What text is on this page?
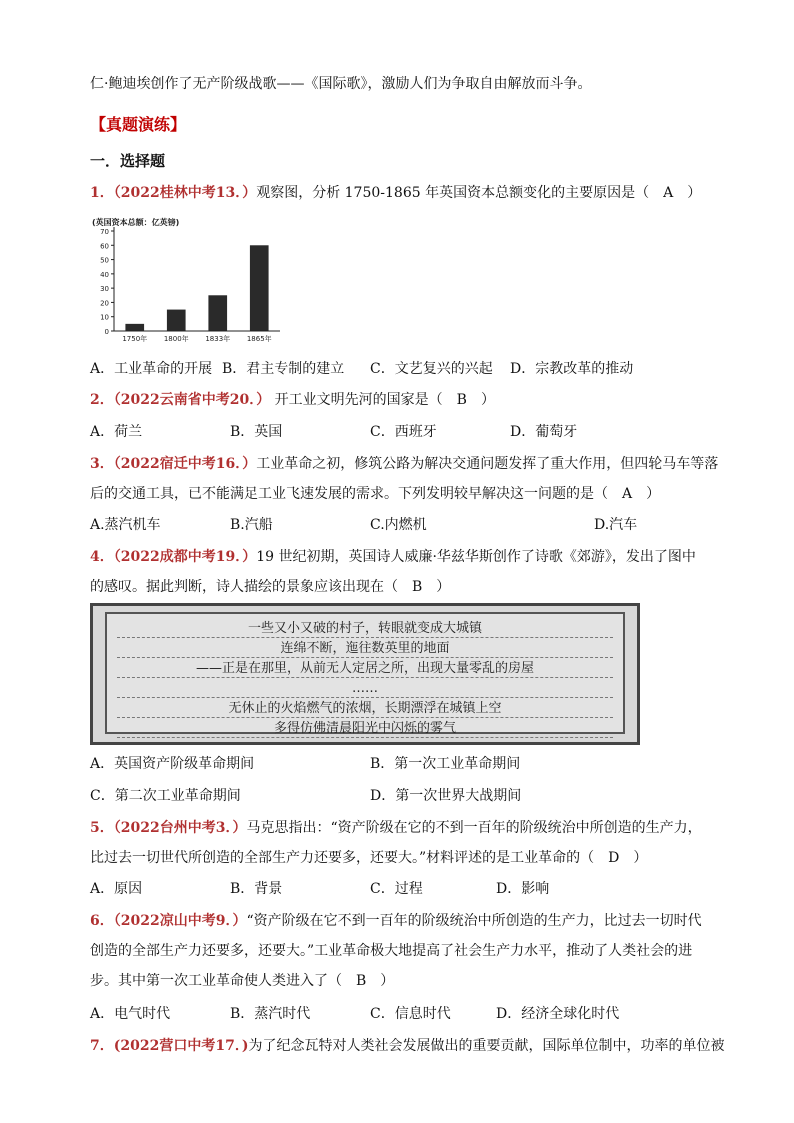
仁·鲍迪埃创作了无产阶级战歌——《国际歌》，激励人们为争取自由解放而斗争。
【真题演练】
一．选择题
1．（2022桂林中考13．）观察图，分析 1750-1865 年英国资本总额变化的主要原因是（　A　）
(英国资本总额：亿英镑)
0
10
20
30
40
50
60
70
1750年 1800年 1833年 1865年
A．工业革命的开展 B．君主专制的建立 C．文艺复兴的兴起 D．宗教改革的推动
2．（2022云南省中考20．） 开工业文明先河的国家是（　B　）
A．荷兰	B．英国	C．西班牙	D．葡萄牙
3．（2022宿迁中考16．）工业革命之初，修筑公路为解决交通问题发挥了重大作用，但四轮马车等落
后的交通工具，已不能满足工业飞速发展的需求。下列发明较早解决这一问题的是（　A　）
A.蒸汽机车	B.汽船	C.内燃机	D.汽车
4．（2022成都中考19．）19 世纪初期，英国诗人威廉·华兹华斯创作了诗歌《郊游》，发出了图中
的感叹。据此判断，诗人描绘的景象应该出现在（　B　）
一些又小又破的村子，转眼就变成大城镇
连绵不断，迤往数英里的地面
——正是在那里，从前无人定居之所，出现大量零乱的房屋
……
无休止的火焰燃气的浓烟，长期漂浮在城镇上空
多得仿佛清晨阳光中闪烁的雾气
A．英国资产阶级革命期间	B．第一次工业革命期间
C．第二次工业革命期间	D．第一次世界大战期间
5．（2022台州中考3．）马克思指出：“资产阶级在它的不到一百年的阶级统治中所创造的生产力，
比过去一切世代所创造的全部生产力还要多，还要大。”材料评述的是工业革命的（　D　）
A．原因	B．背景	C．过程	D．影响
6．（2022凉山中考9．）“资产阶级在它不到一百年的阶级统治中所创造的生产力，比过去一切时代
创造的全部生产力还要多，还要大。”工业革命极大地提高了社会生产力水平，推动了人类社会的进
步。其中第一次工业革命使人类进入了（　B　）
A．电气时代	B．蒸汽时代	C．信息时代	D．经济全球化时代
7．(2022营口中考17．)为了纪念瓦特对人类社会发展做出的重要贡献，国际单位制中，功率的单位被
